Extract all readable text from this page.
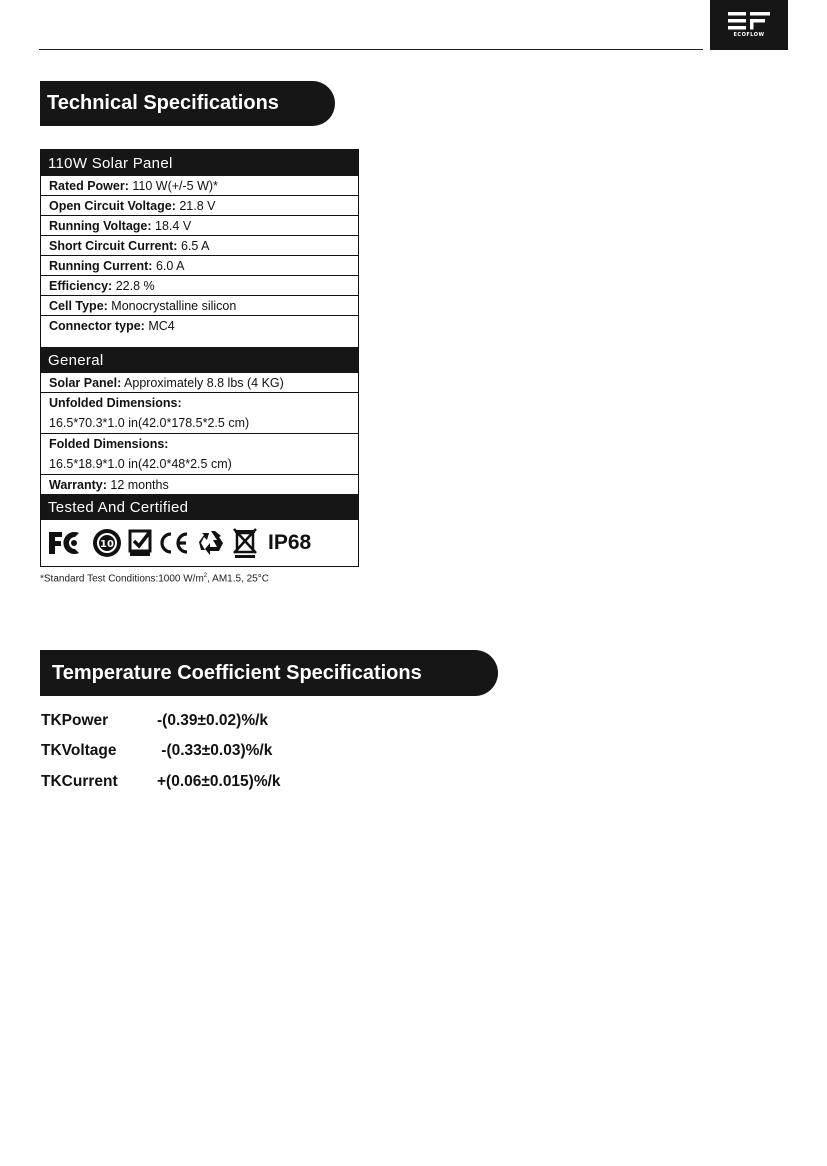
ECOFLOW
Technical Specifications
110W Solar Panel
Rated Power: 110 W(+/-5 W)*
Open Circuit Voltage: 21.8 V
Running Voltage: 18.4 V
Short Circuit Current: 6.5 A
Running Current: 6.0 A
Efficiency: 22.8 %
Cell Type: Monocrystalline silicon
Connector type: MC4
General
Solar Panel: Approximately 8.8 lbs (4 KG)
Unfolded Dimensions:
16.5*70.3*1.0 in(42.0*178.5*2.5 cm)
Folded Dimensions:
16.5*18.9*1.0 in(42.0*48*2.5 cm)
Warranty: 12 months
Tested And Certified
10	IP68
*Standard Test Conditions:1000 $W/m^2$, AM1.5, 25°C
Temperature Coefficient Specifications
TKPower	-(0.39±0.02)%/k
TKVoltage	-(0.33±0.03)%/k
TKCurrent	+(0.06±0.015)%/k
